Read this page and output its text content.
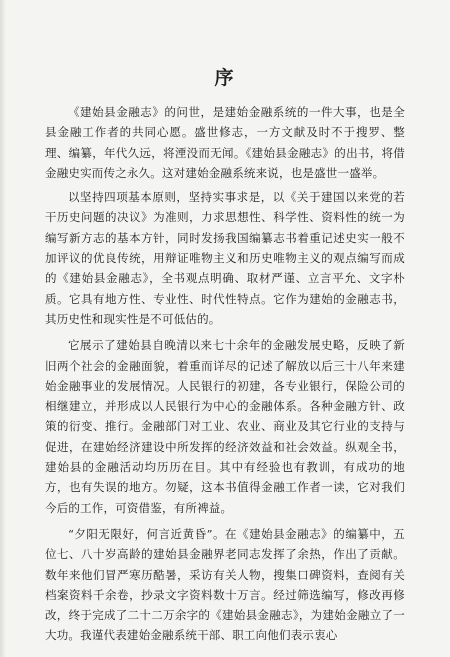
序

《建始县金融志》的问世，是建始金融系统的一件大事，也是全县金融工作者的共同心愿。盛世修志，一方文献及时不于搜罗、整理、编纂，年代久远，将湮没而无闻。《建始县金融志》的出书，将借金融史实而传之永久。这对建始金融系统来说，也是盛世一盛举。

以坚持四项基本原则，坚持实事求是，以《关于建国以来党的若干历史问题的决议》为准则，力求思想性、科学性、资料性的统一为编写新方志的基本方针，同时发扬我国编纂志书着重记述史实一般不加评议的优良传统，用辩证唯物主义和历史唯物主义的观点编写而成的《建始县金融志》，全书观点明确、取材严谨、立言平允、文字朴质。它具有地方性、专业性、时代性特点。它作为建始的金融志书，其历史性和现实性是不可低估的。

它展示了建始县自晚清以来七十余年的金融发展史略，反映了新旧两个社会的金融面貌，着重而详尽的记述了解放以后三十八年来建始金融事业的发展情况。人民银行的初建，各专业银行，保险公司的相继建立，并形成以人民银行为中心的金融体系。各种金融方针、政策的衍变、推行。金融部门对工业、农业、商业及其它行业的支持与促进，在建始经济建设中所发挥的经济效益和社会效益。纵观全书，建始县的金融活动均历历在目。其中有经验也有教训，有成功的地方，也有失误的地方。勿疑，这本书值得金融工作者一读，它对我们今后的工作，可资借鉴，有所裨益。

“夕阳无限好，何言近黄昏”。在《建始县金融志》的编纂中，五位七、八十岁高龄的建始县金融界老同志发挥了余热，作出了贡献。数年来他们冒严寒历酷暑，采访有关人物，搜集口碑资料，查阅有关档案资料千余卷，抄录文字资料数十万言。经过筛选编写，修改再修改，终于完成了二十二万余字的《建始县金融志》，为建始金融立了一大功。我谨代表建始金融系统干部、职工向他们表示衷心
